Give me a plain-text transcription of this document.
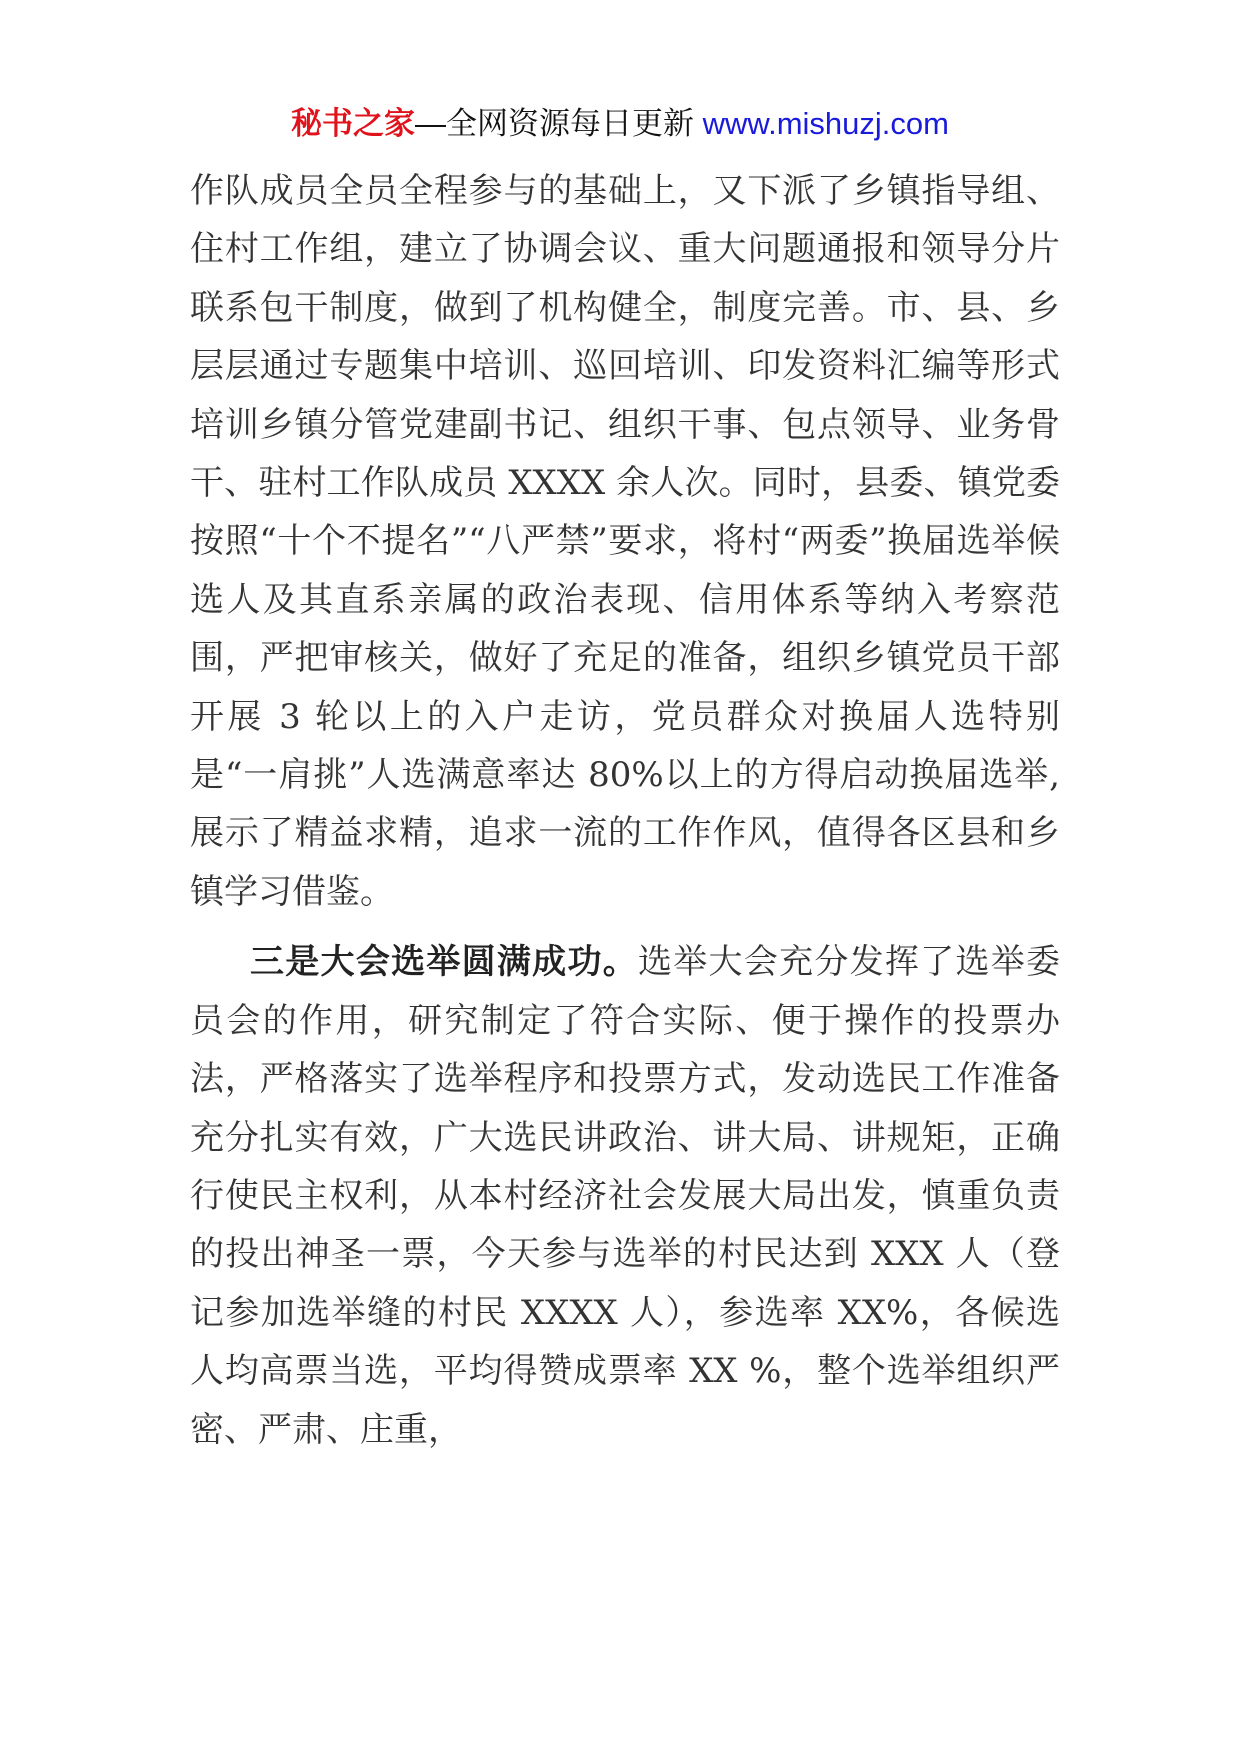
秘书之家—全网资源每日更新 www.mishuzj.com

作队成员全员全程参与的基础上，又下派了乡镇指导组、住村工作组，建立了协调会议、重大问题通报和领导分片联系包干制度，做到了机构健全，制度完善。市、县、乡层层通过专题集中培训、巡回培训、印发资料汇编等形式培训乡镇分管党建副书记、组织干事、包点领导、业务骨干、驻村工作队成员 XXXX 余人次。同时，县委、镇党委按照“十个不提名”“八严禁”要求，将村“两委”换届选举候选人及其直系亲属的政治表现、信用体系等纳入考察范围，严把审核关，做好了充足的准备，组织乡镇党员干部开展 3 轮以上的入户走访，党员群众对换届人选特别是“一肩挑”人选满意率达 80%以上的方得启动换届选举,展示了精益求精，追求一流的工作作风，值得各区县和乡镇学习借鉴。

三是大会选举圆满成功。选举大会充分发挥了选举委员会的作用，研究制定了符合实际、便于操作的投票办法，严格落实了选举程序和投票方式，发动选民工作准备充分扎实有效，广大选民讲政治、讲大局、讲规矩，正确行使民主权利，从本村经济社会发展大局出发，慎重负责的投出神圣一票，今天参与选举的村民达到 XXX 人（登记参加选举缝的村民 XXXX 人），参选率 XX%，各候选人均高票当选，平均得赞成票率 XX %，整个选举组织严密、严肃、庄重，
